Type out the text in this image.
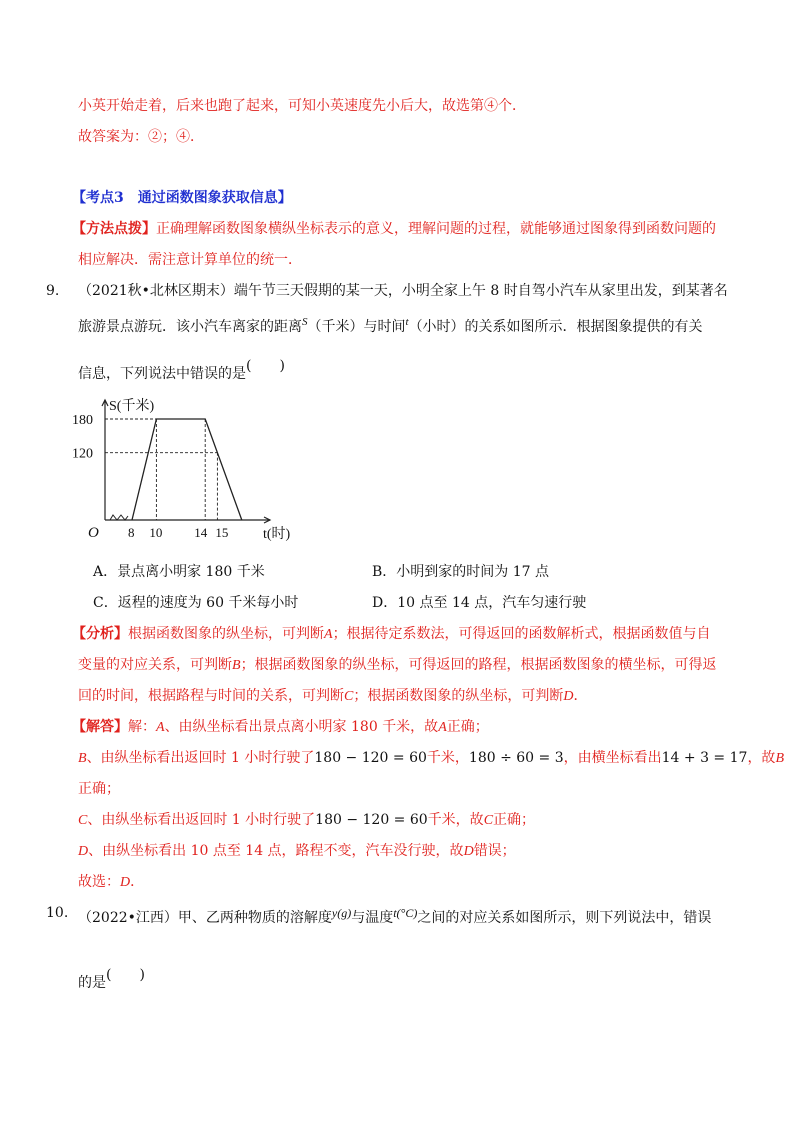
小英开始走着，后来也跑了起来，可知小英速度先小后大，故选第④个．
故答案为：②；④．
【考点3　通过函数图象获取信息】
【方法点拨】正确理解函数图象横纵坐标表示的意义，理解问题的过程，就能够通过图象得到函数问题的
相应解决．需注意计算单位的统一．
9. （2021秋•北林区期末）端午节三天假期的某一天，小明全家上午 8 时自驾小汽车从家里出发，到某著名
旅游景点游玩．该小汽车离家的距离$^S$（千米）与时间$^t$（小时）的关系如图所示．根据图象提供的有关
信息，下列说法中错误的是(　　)
180
120
8 10 14 15
O
S(千米)
t(时)
A．景点离小明家 180 千米	B．小明到家的时间为 17 点
C．返程的速度为 60 千米每小时	D．10 点至 14 点，汽车匀速行驶
【分析】根据函数图象的纵坐标，可判断A；根据待定系数法，可得返回的函数解析式，根据函数值与自
变量的对应关系，可判断B；根据函数图象的纵坐标，可得返回的路程，根据函数图象的横坐标，可得返
回的时间，根据路程与时间的关系，可判断C；根据函数图象的纵坐标，可判断D．
【解答】解：A、由纵坐标看出景点离小明家 180 千米，故A正确；
B、由纵坐标看出返回时 1 小时行驶了180 − 120 = 60千米，180 ÷ 60 = 3，由横坐标看出14 + 3 = 17，故B
正确；
C、由纵坐标看出返回时 1 小时行驶了180 − 120 = 60千米，故C正确；
D、由纵坐标看出 10 点至 14 点，路程不变，汽车没行驶，故D错误；
故选：D．
10. （2022•江西）甲、乙两种物质的溶解度y(g)与温度t(°C)之间的对应关系如图所示，则下列说法中，错误
的是(　　)
